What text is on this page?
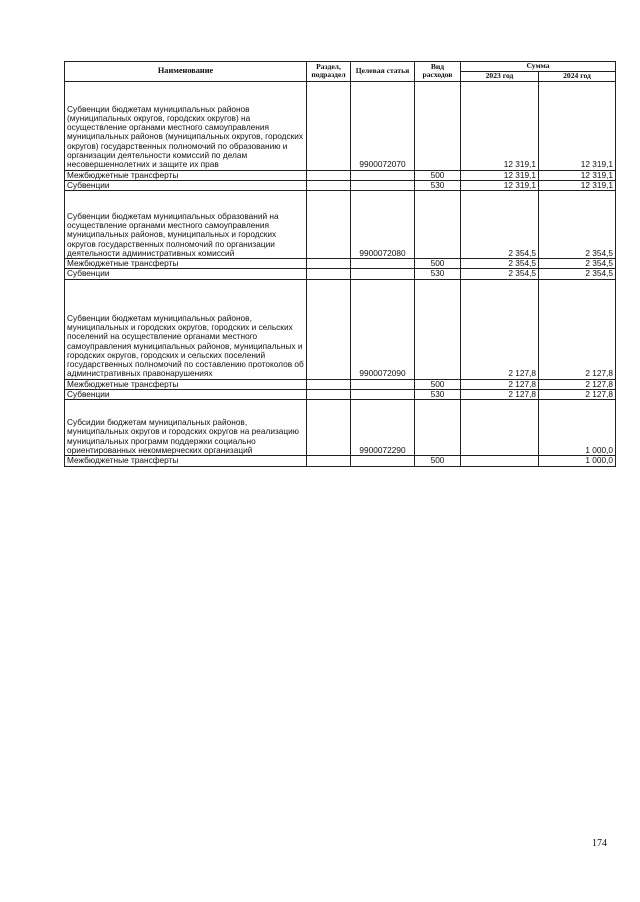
Наименование	Раздел, подраздел	Целевая статья	Вид расходов	Сумма	
				2023 год	2024 год
Субвенции бюджетам муниципальных районов (муниципальных округов, городских округов) на осуществление органами местного самоуправления муниципальных районов (муниципальных округов, городских округов) государственных полномочий по образованию и организации деятельности комиссий по делам несовершеннолетних и защите их прав		9900072070		12 319,1	12 319,1
Межбюджетные трансферты			500	12 319,1	12 319,1
Субвенции			530	12 319,1	12 319,1
Субвенции бюджетам муниципальных образований на осуществление органами местного самоуправления муниципальных районов, муниципальных и городских округов государственных полномочий по организации деятельности административных комиссий		9900072080		2 354,5	2 354,5
Межбюджетные трансферты			500	2 354,5	2 354,5
Субвенции			530	2 354,5	2 354,5
Субвенции бюджетам муниципальных районов, муниципальных и городских округов, городских и сельских поселений на осуществление органами местного самоуправления муниципальных районов, муниципальных и городских округов, городских и сельских поселений государственных полномочий по составлению протоколов об административных правонарушениях		9900072090		2 127,8	2 127,8
Межбюджетные трансферты			500	2 127,8	2 127,8
Субвенции			530	2 127,8	2 127,8
Субсидии бюджетам муниципальных районов, муниципальных округов и городских округов на реализацию муниципальных программ поддержки социально ориентированных некоммерческих организаций		9900072290			1 000,0
Межбюджетные трансферты			500		1 000,0
174
